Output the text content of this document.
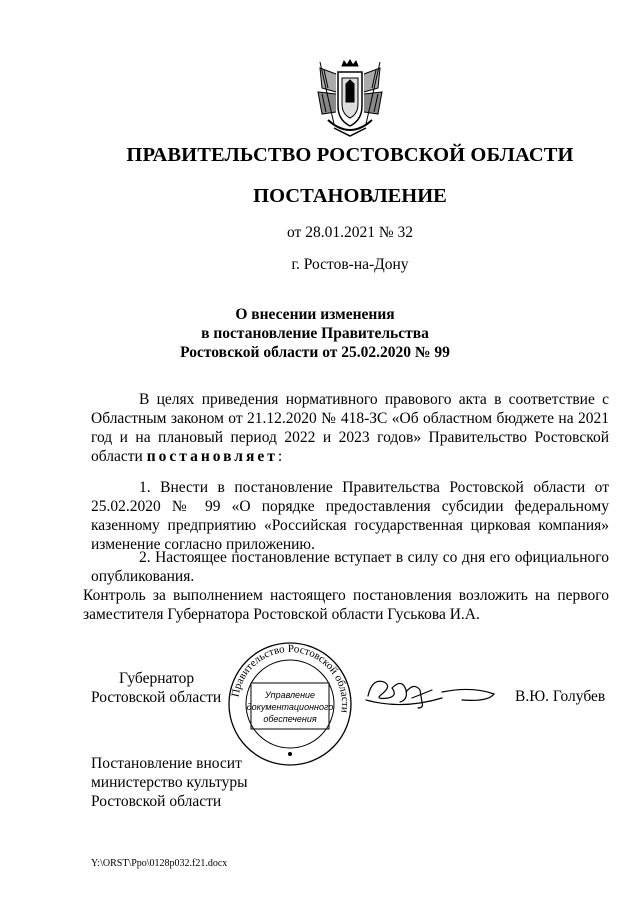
ПРАВИТЕЛЬСТВО РОСТОВСКОЙ ОБЛАСТИ
ПОСТАНОВЛЕНИЕ
от 28.01.2021 № 32
г. Ростов-на-Дону
О внесении изменения
в постановление Правительства
Ростовской области от 25.02.2020 № 99
В целях приведения нормативного правового акта в соответствие с Областным законом от 21.12.2020 № 418-ЗС «Об областном бюджете на 2021 год и на плановый период 2022 и 2023 годов» Правительство Ростовской области постановляет:
1. Внести в постановление Правительства Ростовской области от 25.02.2020 № 99 «О порядке предоставления субсидии федеральному казенному предприятию «Российская государственная цирковая компания» изменение согласно приложению.
2. Настоящее постановление вступает в силу со дня его официального опубликования.
Контроль за выполнением настоящего постановления возложить на первого заместителя Губернатора Ростовской области Гуськова И.А.
Губернатор
Ростовской области Правительство Ростовской области
Управление
документационного
обеспечения
В.Ю. Голубев
Постановление вносит
министерство культуры
Ростовской области
Y:\ORST\Ppo\0128p032.f21.docx
